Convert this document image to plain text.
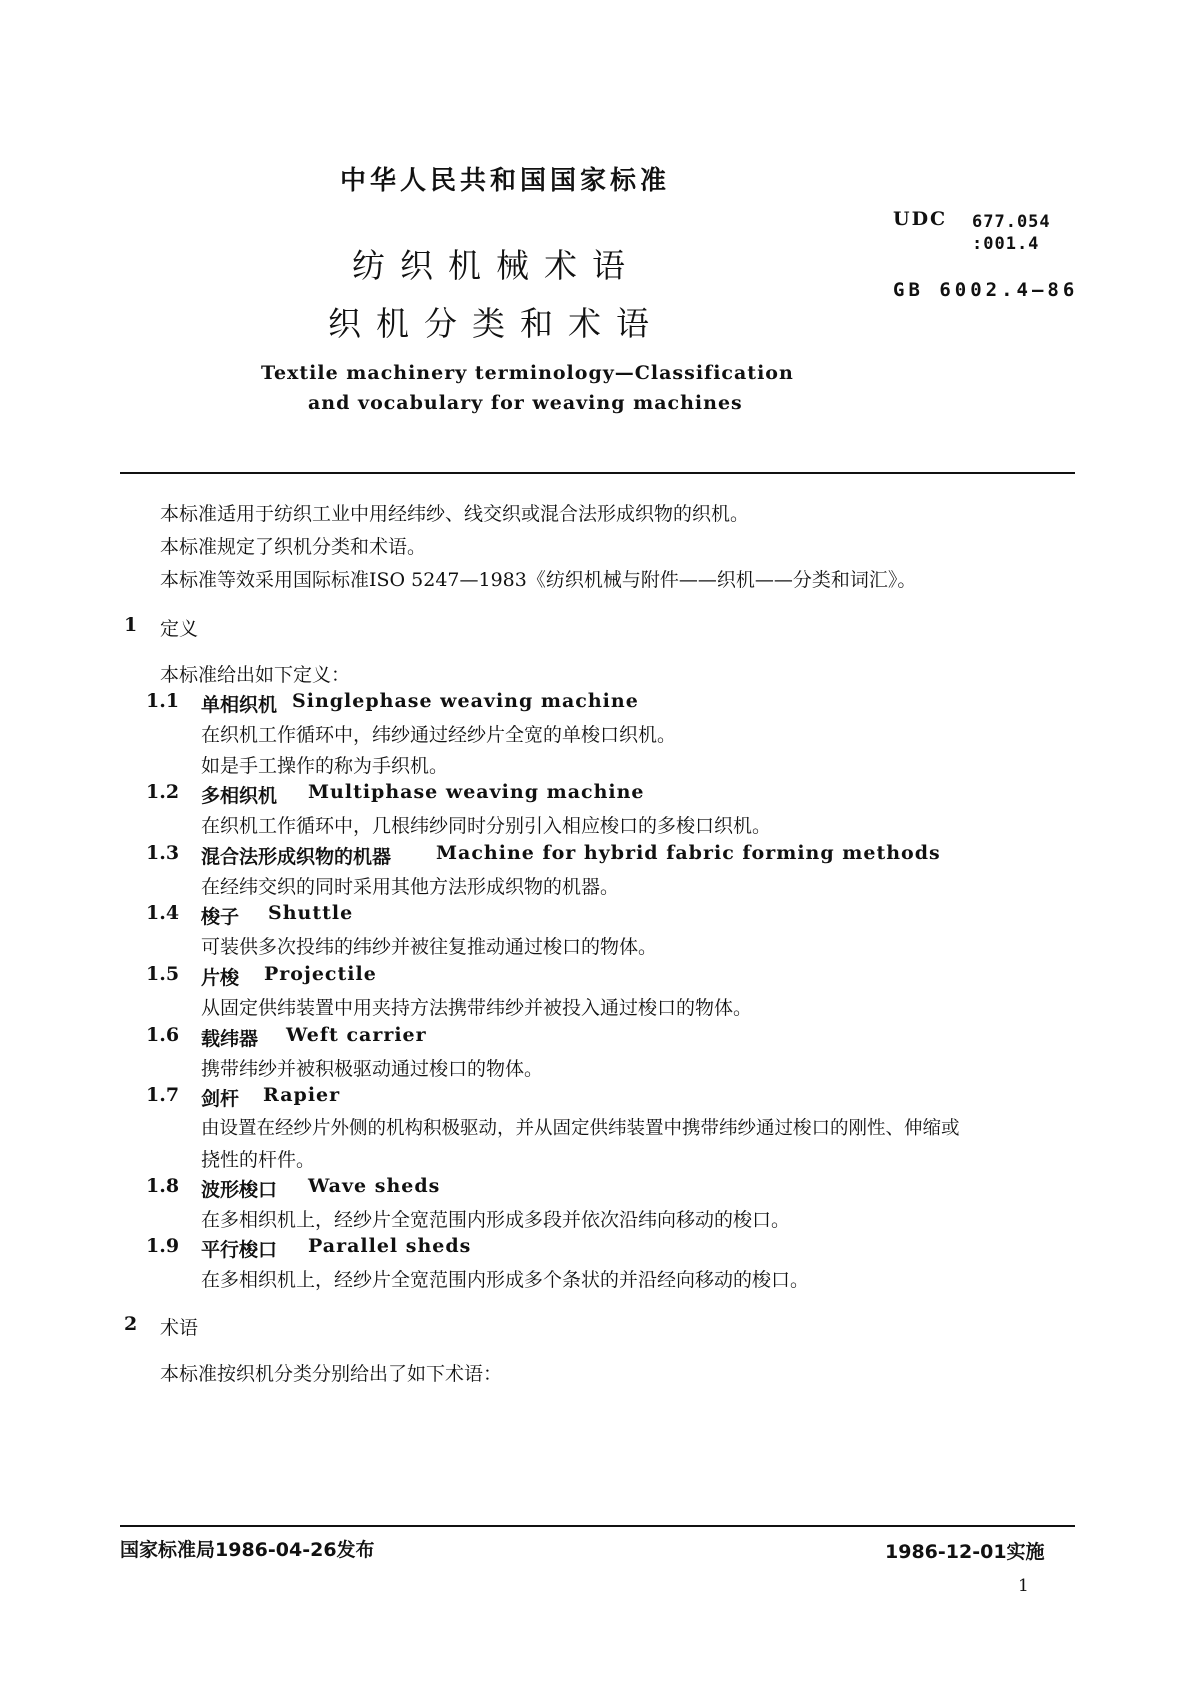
中华人民共和国国家标准
UDC 677.054
:001.4
GB 6002.4—86
纺织机械术语
织机分类和术语
Textile machinery terminology—Classification
and vocabulary for weaving machines
本标准适用于纺织工业中用经纬纱、线交织或混合法形成织物的织机。
本标准规定了织机分类和术语。
本标准等效采用国际标准ISO 5247—1983《纺织机械与附件——织机——分类和词汇》。
1 定义
本标准给出如下定义：
1.1 单相织机 Singlephase weaving machine
在织机工作循环中，纬纱通过经纱片全宽的单梭口织机。
如是手工操作的称为手织机。
1.2 多相织机 Multiphase weaving machine
在织机工作循环中，几根纬纱同时分别引入相应梭口的多梭口织机。
1.3 混合法形成织物的机器 Machine for hybrid fabric forming methods
在经纬交织的同时采用其他方法形成织物的机器。
1.4 梭子 Shuttle
可装供多次投纬的纬纱并被往复推动通过梭口的物体。
1.5 片梭 Projectile
从固定供纬装置中用夹持方法携带纬纱并被投入通过梭口的物体。
1.6 载纬器 Weft carrier
携带纬纱并被积极驱动通过梭口的物体。
1.7 剑杆 Rapier
由设置在经纱片外侧的机构积极驱动，并从固定供纬装置中携带纬纱通过梭口的刚性、伸缩或
挠性的杆件。
1.8 波形梭口 Wave sheds
在多相织机上，经纱片全宽范围内形成多段并依次沿纬向移动的梭口。
1.9 平行梭口 Parallel sheds
在多相织机上，经纱片全宽范围内形成多个条状的并沿经向移动的梭口。
2 术语
本标准按织机分类分别给出了如下术语：
国家标准局1986-04-26发布	1986-12-01实施
1
